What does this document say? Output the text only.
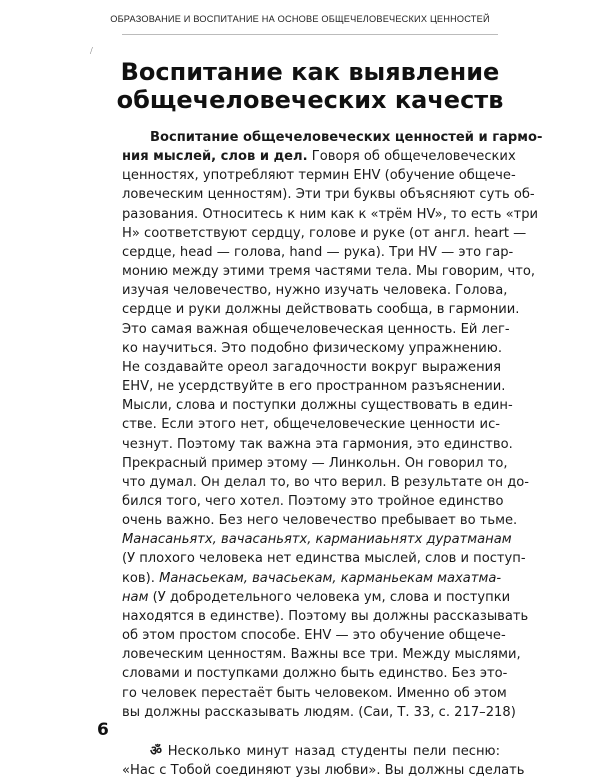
ОБРАЗОВАНИЕ И ВОСПИТАНИЕ НА ОСНОВЕ ОБЩЕЧЕЛОВЕЧЕСКИХ ЦЕННОСТЕЙ
/
Воспитание как выявление
общечеловеческих качеств
Воспитание общечеловеческих ценностей и гармо-
ния мыслей, слов и дел. Говоря об общечеловеческих
ценностях, употребляют термин EHV (обучение общече-
ловеческим ценностям). Эти три буквы объясняют суть об-
разования. Относитесь к ним как к «трём HV», то есть «три
H» соответствуют сердцу, голове и руке (от англ. heart —
сердце, head — голова, hand — рука). Три HV — это гар-
монию между этими тремя частями тела. Мы говорим, что,
изучая человечество, нужно изучать человека. Голова,
сердце и руки должны действовать сообща, в гармонии.
Это самая важная общечеловеческая ценность. Ей лег-
ко научиться. Это подобно физическому упражнению.
Не создавайте ореол загадочности вокруг выражения
EHV, не усердствуйте в его пространном разъяснении.
Мысли, слова и поступки должны существовать в един-
стве. Если этого нет, общечеловеческие ценности ис-
чезнут. Поэтому так важна эта гармония, это единство.
Прекрасный пример этому — Линкольн. Он говорил то,
что думал. Он делал то, во что верил. В результате он до-
бился того, чего хотел. Поэтому это тройное единство
очень важно. Без него человечество пребывает во тьме.
Манасаньятх, вачасаньятх, карманиаьнятх дуратманам
(У плохого человека нет единства мыслей, слов и поступ-
ков). Манасьекам, вачасьекам, карманьекам махатма-
нам (У добродетельного человека ум, слова и поступки
находятся в единстве). Поэтому вы должны рассказывать
об этом простом способе. EHV — это обучение общече-
ловеческим ценностям. Важны все три. Между мыслями,
словами и поступками должно быть единство. Без это-
го человек перестаёт быть человеком. Именно об этом
вы должны рассказывать людям. (Саи, Т. 33, с. 217–218)
ॐ Несколько минут назад студенты пели песню:
«Нас с Тобой соединяют узы любви». Вы должны сделать
6
